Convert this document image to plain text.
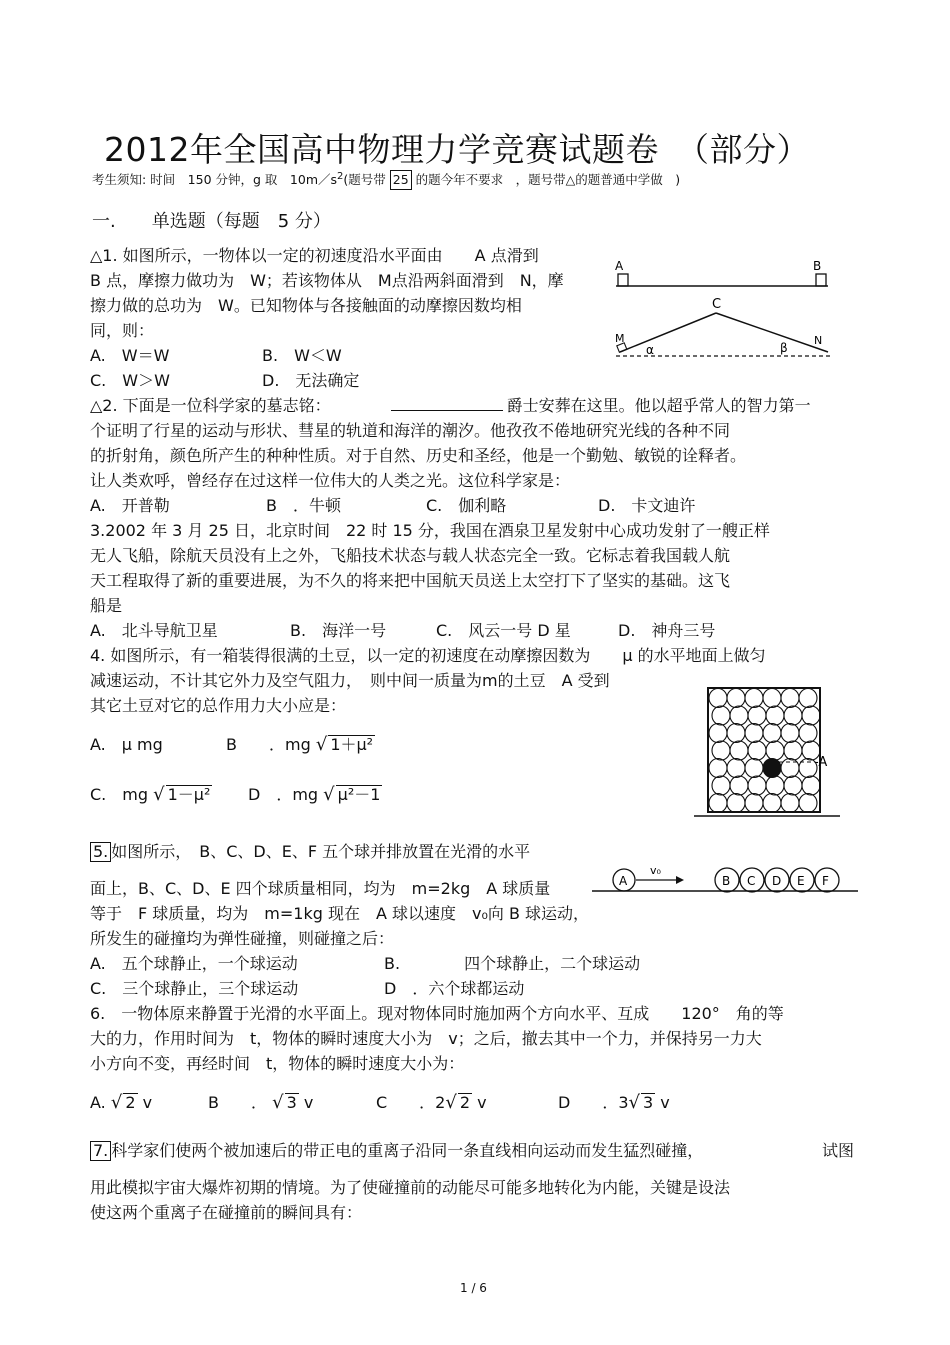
2012年全国高中物理力学竞赛试题卷　（部分）
考生须知: 时间　150 分钟，g 取　$10m/s^2$(题号带 25 的题今年不要求　，题号带△的题普通中学做　)
一.　　单选题（每题　5 分）
△1. 如图所示，一物体以一定的初速度沿水平面由　　A 点滑到
B 点，摩擦力做功为　W；若该物体从　M点沿两斜面滑到　N，摩
擦力做的总功为　W。已知物体与各接触面的动摩擦因数均相
同，则：
A.　W＝W	B.　W＜W
C.　W＞W	D.　无法确定
A	B
C
M
α	β
N
△2. 下面是一位科学家的墓志铭：	爵士安葬在这里。他以超乎常人的智力第一
个证明了行星的运动与形状、彗星的轨道和海洋的潮汐。他孜孜不倦地研究光线的各种不同
的折射角，颜色所产生的种种性质。对于自然、历史和圣经，他是一个勤勉、敏锐的诠释者。
让人类欢呼，曾经存在过这样一位伟大的人类之光。这位科学家是：
A.　开普勒	B　．牛顿	C.　伽利略	D.　卡文迪许
3.2002 年 3 月 25 日，北京时间　22 时 15 分，我国在酒泉卫星发射中心成功发射了一艘正样
无人飞船，除航天员没有上之外，飞船技术状态与载人状态完全一致。它标志着我国载人航
天工程取得了新的重要进展，为不久的将来把中国航天员送上太空打下了坚实的基础。这飞
船是
A.　北斗导航卫星	B.　海洋一号	C.　风云一号 D 星	D.　神舟三号
4. 如图所示，有一箱装得很满的土豆，以一定的初速度在动摩擦因数为　　μ 的水平地面上做匀
减速运动，不计其它外力及空气阻力，　则中间一质量为m的土豆　A 受到
其它土豆对它的总作用力大小应是：
A.　μ mg	B　　．mg √ 1＋μ²
C.　mg √ 1－μ² D　．mg √ μ²－1
-A
5. 如图所示，　B、C、D、E、F 五个球并排放置在光滑的水平
面上，B、C、D、E 四个球质量相同，均为　m=2kg　A 球质量
等于　F 球质量，均为　m=1kg 现在　A 球以速度　v₀向 B 球运动，
所发生的碰撞均为弹性碰撞，则碰撞之后：
A.　五个球静止，一个球运动	B.　　　　四个球静止，二个球运动
C.　三个球静止，三个球运动	D　．六个球都运动
A
v₀
B C D E F
6.　一物体原来静置于光滑的水平面上。现对物体同时施加两个方向水平、互成　　120°　角的等
大的力，作用时间为　t，物体的瞬时速度大小为　v；之后，撤去其中一个力，并保持另一力大
小方向不变，再经时间　t，物体的瞬时速度大小为：
A. √ 2 v	B　　． √ 3 v	C　　．2√ 2 v	D　　．3√ 3 v
7. 科学家们使两个被加速后的带正电的重离子沿同一条直线相向运动而发生猛烈碰撞，	试图
用此模拟宇宙大爆炸初期的情境。为了使碰撞前的动能尽可能多地转化为内能，关键是设法
使这两个重离子在碰撞前的瞬间具有：
1 / 6
